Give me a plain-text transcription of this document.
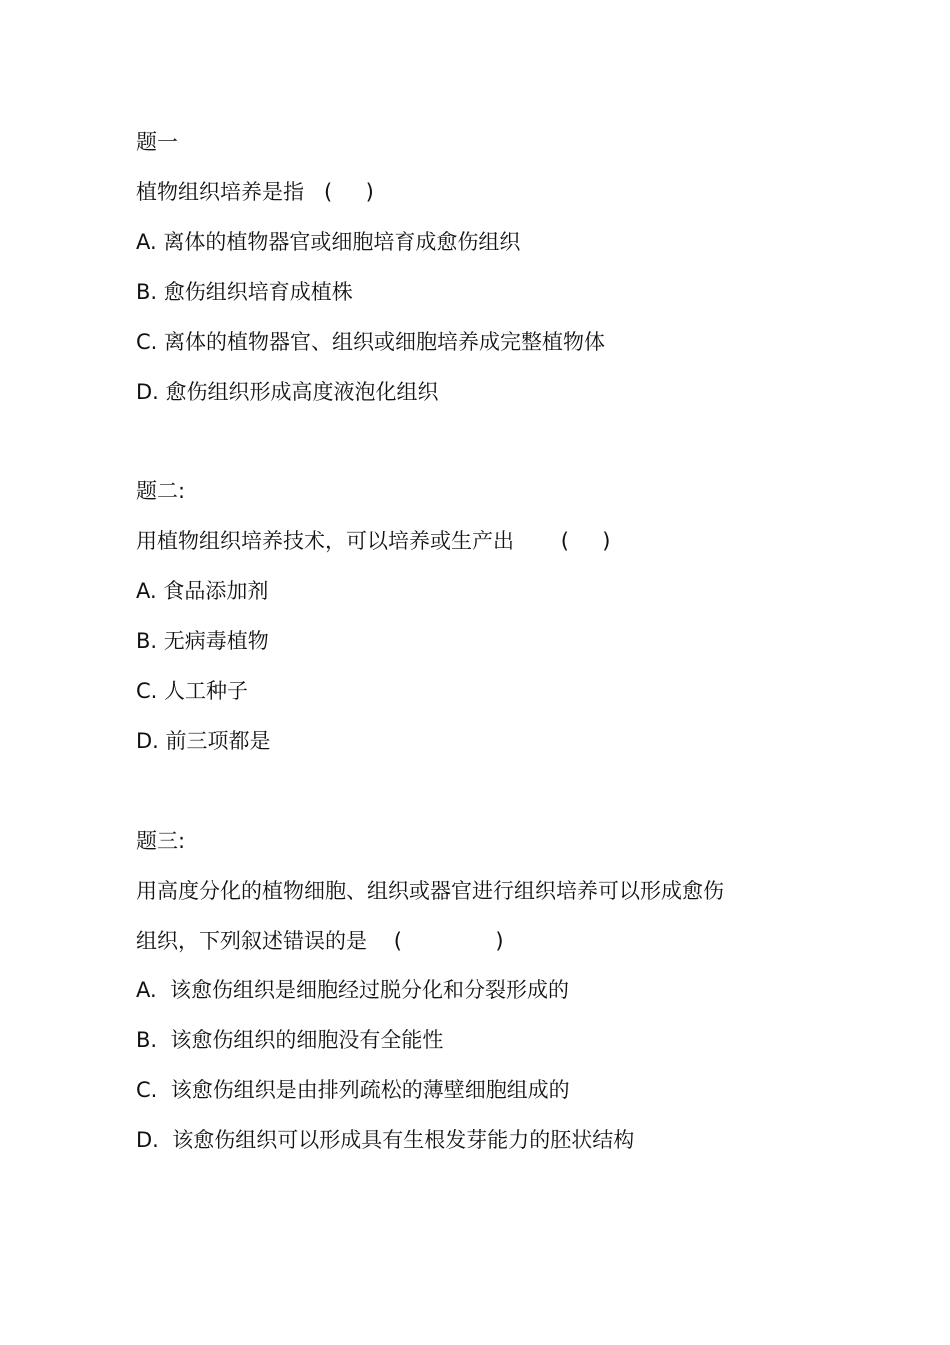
题一
植物组织培养是指   (     )
A. 离体的植物器官或细胞培育成愈伤组织
B. 愈伤组织培育成植株
C. 离体的植物器官、组织或细胞培养成完整植物体
D. 愈伤组织形成高度液泡化组织
题二:
用植物组织培养技术，可以培养或生产出       (     )
A. 食品添加剂
B. 无病毒植物
C. 人工种子
D. 前三项都是
题三:
用高度分化的植物细胞、组织或器官进行组织培养可以形成愈伤
组织，下列叙述错误的是    (              )
A.  该愈伤组织是细胞经过脱分化和分裂形成的
B.  该愈伤组织的细胞没有全能性
C.  该愈伤组织是由排列疏松的薄壁细胞组成的
D.  该愈伤组织可以形成具有生根发芽能力的胚状结构
